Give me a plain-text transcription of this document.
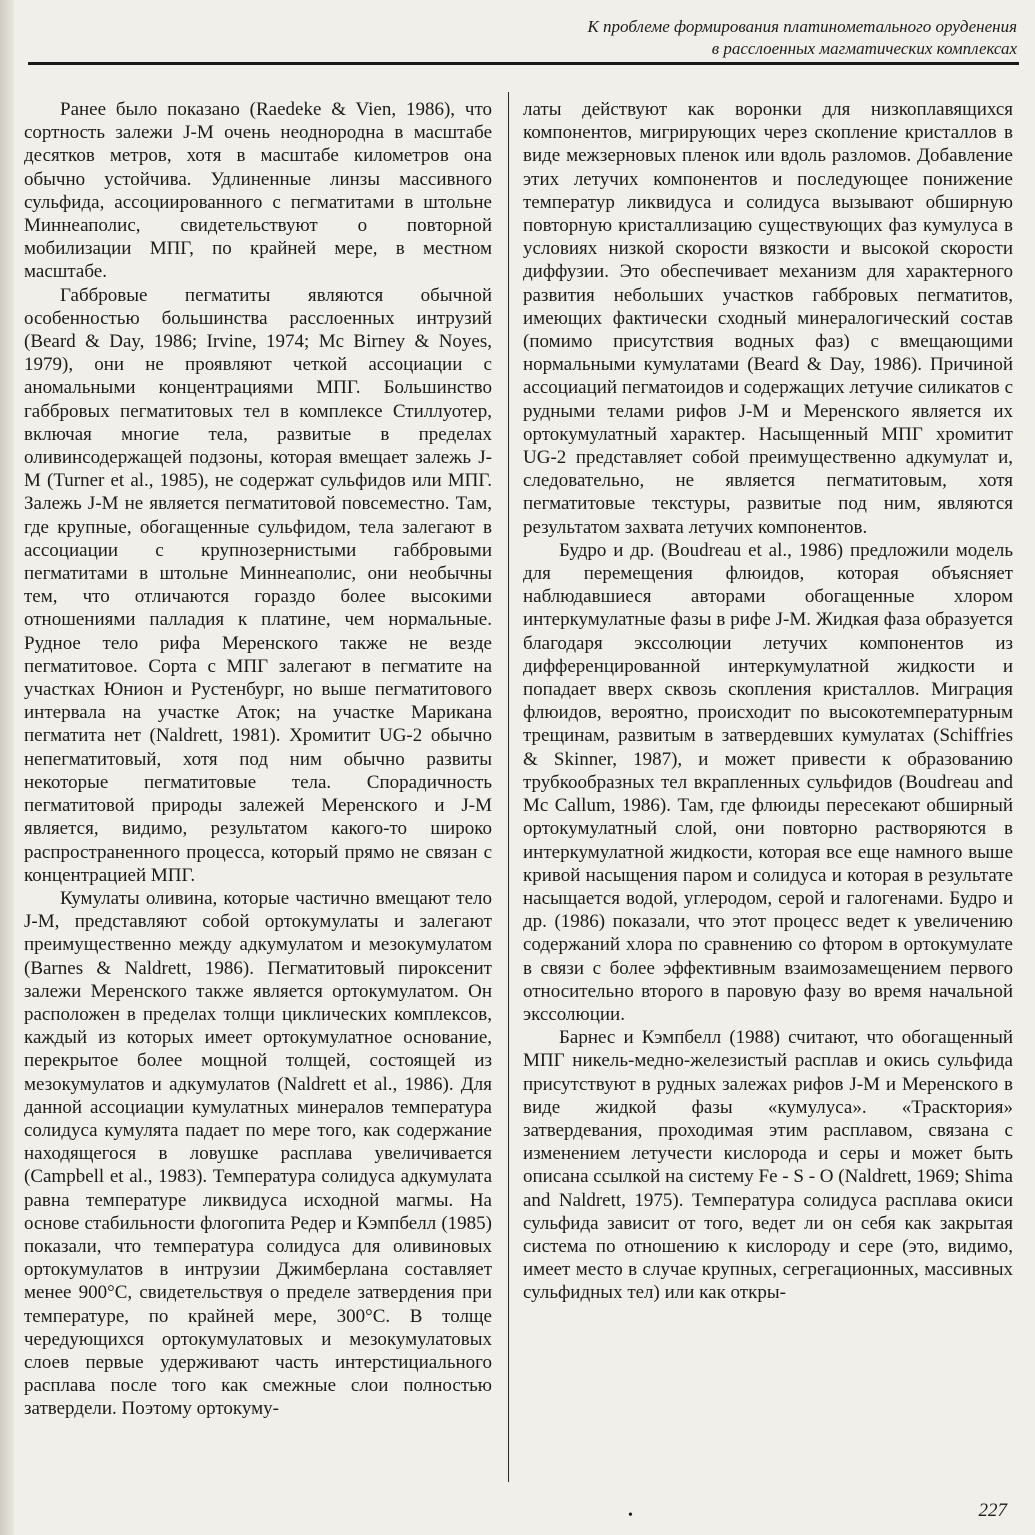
К проблеме формирования платинометального оруденения
в расслоенных магматических комплексах

Ранее было показано (Raedeke & Vien, 1986), что сортность залежи J-M очень неоднородна в масштабе десятков метров, хотя в масштабе километров она обычно устойчива. Удлиненные линзы массивного сульфида, ассоциированного с пегматитами в штольне Миннеаполис, свидетельствуют о повторной мобилизации МПГ, по крайней мере, в местном масштабе.

Габбровые пегматиты являются обычной особенностью большинства расслоенных интрузий (Beard & Day, 1986; Irvine, 1974; Mc Birney & Noyes, 1979), они не проявляют четкой ассоциации с аномальными концентрациями МПГ. Большинство габбровых пегматитовых тел в комплексе Стиллуотер, включая многие тела, развитые в пределах оливинсодержащей подзоны, которая вмещает залежь J-M (Turner et al., 1985), не содержат сульфидов или МПГ. Залежь J-M не является пегматитовой повсеместно. Там, где крупные, обогащенные сульфидом, тела залегают в ассоциации с крупнозернистыми габбровыми пегматитами в штольне Миннеаполис, они необычны тем, что отличаются гораздо более высокими отношениями палладия к платине, чем нормальные. Рудное тело рифа Меренского также не везде пегматитовое. Сорта с МПГ залегают в пегматите на участках Юнион и Рустенбург, но выше пегматитового интервала на участке Аток; на участке Марикана пегматита нет (Naldrett, 1981). Хромитит UG-2 обычно непегматитовый, хотя под ним обычно развиты некоторые пегматитовые тела. Спорадичность пегматитовой природы залежей Меренского и J-M является, видимо, результатом какого-то широко распространенного процесса, который прямо не связан с концентрацией МПГ.

Кумулаты оливина, которые частично вмещают тело J-M, представляют собой ортокумулаты и залегают преимущественно между адкумулатом и мезокумулатом (Barnes & Naldrett, 1986). Пегматитовый пироксенит залежи Меренского также является ортокумулатом. Он расположен в пределах толщи циклических комплексов, каждый из которых имеет ортокумулатное основание, перекрытое более мощной толщей, состоящей из мезокумулатов и адкумулатов (Naldrett et al., 1986). Для данной ассоциации кумулатных минералов температура солидуса кумулята падает по мере того, как содержание находящегося в ловушке расплава увеличивается (Campbell et al., 1983). Температура солидуса адкумулата равна температуре ликвидуса исходной магмы. На основе стабильности флогопита Редер и Кэмпбелл (1985) показали, что температура солидуса для оливиновых ортокумулатов в интрузии Джимберлана составляет менее 900°С, свидетельствуя о пределе затвердения при температуре, по крайней мере, 300°С. В толще чередующихся ортокумулатовых и мезокумулатовых слоев первые удерживают часть интерстициального расплава после того как смежные слои полностью затвердели. Поэтому ортокуму-

латы действуют как воронки для низкоплавящихся компонентов, мигрирующих через скопление кристаллов в виде межзерновых пленок или вдоль разломов. Добавление этих летучих компонентов и последующее понижение температур ликвидуса и солидуса вызывают обширную повторную кристаллизацию существующих фаз кумулуса в условиях низкой скорости вязкости и высокой скорости диффузии. Это обеспечивает механизм для характерного развития небольших участков габбровых пегматитов, имеющих фактически сходный минералогический состав (помимо присутствия водных фаз) с вмещающими нормальными кумулатами (Beard & Day, 1986). Причиной ассоциаций пегматоидов и содержащих летучие силикатов с рудными телами рифов J-M и Меренского является их ортокумулатный характер. Насыщенный МПГ хромитит UG-2 представляет собой преимущественно адкумулат и, следовательно, не является пегматитовым, хотя пегматитовые текстуры, развитые под ним, являются результатом захвата летучих компонентов.

Будро и др. (Boudreau et al., 1986) предложили модель для перемещения флюидов, которая объясняет наблюдавшиеся авторами обогащенные хлором интеркумулатные фазы в рифе J-M. Жидкая фаза образуется благодаря экссолюции летучих компонентов из дифференцированной интеркумулатной жидкости и попадает вверх сквозь скопления кристаллов. Миграция флюидов, вероятно, происходит по высокотемпературным трещинам, развитым в затвердевших кумулатах (Schiffries & Skinner, 1987), и может привести к образованию трубкообразных тел вкрапленных сульфидов (Boudreau and Mc Callum, 1986). Там, где флюиды пересекают обширный ортокумулатный слой, они повторно растворяются в интеркумулатной жидкости, которая все еще намного выше кривой насыщения паром и солидуса и которая в результате насыщается водой, углеродом, серой и галогенами. Будро и др. (1986) показали, что этот процесс ведет к увеличению содержаний хлора по сравнению со фтором в ортокумулате в связи с более эффективным взаимозамещением первого относительно второго в паровую фазу во время начальной экссолюции.

Барнес и Кэмпбелл (1988) считают, что обогащенный МПГ никель-медно-железистый расплав и окись сульфида присутствуют в рудных залежах рифов J-M и Меренского в виде жидкой фазы «кумулуса». «Трасктория» затвердевания, проходимая этим расплавом, связана с изменением летучести кислорода и серы и может быть описана ссылкой на систему Fe - S - O (Naldrett, 1969; Shima and Naldrett, 1975). Температура солидуса расплава окиси сульфида зависит от того, ведет ли он себя как закрытая система по отношению к кислороду и сере (это, видимо, имеет место в случае крупных, сегрегационных, массивных сульфидных тел) или как откры-

•	227
